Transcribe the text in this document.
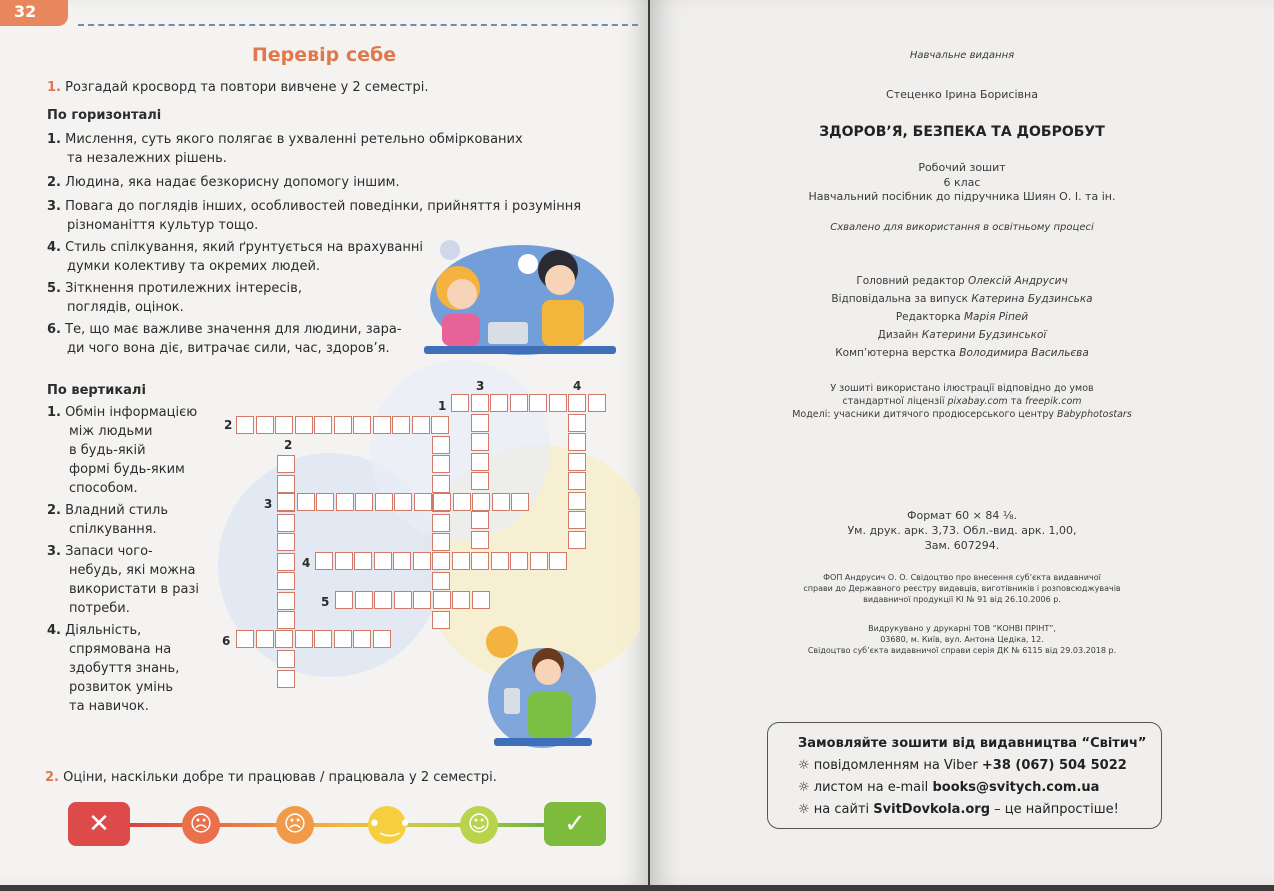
32
Перевір себе
1. Розгадай кросворд та повтори вивчене у 2 семестрі.
По горизонталі
1. Мислення, суть якого полягає в ухваленні ретельно обміркованих
та незалежних рішень.
2. Людина, яка надає безкорисну допомогу іншим.
3. Повага до поглядів інших, особливостей поведінки, прийняття і розуміння
різноманіття культур тощо.
4. Стиль спілкування, який ґрунтується на врахуванні
думки колективу та окремих людей.
5. Зіткнення протилежних інтересів,
поглядів, оцінок.
6. Те, що має важливе значення для людини, зара-
ди чого вона діє, витрачає сили, час, здоров’я.
По вертикалі
1. Обмін інформацією
між людьми
в будь-якій
формі будь-яким
способом.
2. Владний стиль
спілкування.
3. Запаси чого-
небудь, які можна
використати в разі
потреби.
4. Діяльність,
спрямована на
здобуття знань,
розвиток умінь
та навичок.
1
2
2
3
3
4
4
5
6
2. Оціни, наскільки добре ти працював / працювала у 2 семестрі.
✕	☹	☹	•‿•	☺	✓
Навчальне видання
Стеценко Ірина Борисівна
ЗДОРОВ’Я, БЕЗПЕКА ТА ДОБРОБУТ
Робочий зошит
6 клас
Навчальний посібник до підручника Шиян О. І. та ін.
Схвалено для використання в освітньому процесі
Головний редактор Олексій Андрусич
Відповідальна за випуск Катерина Будзинська
Редакторка Марія Ріпей
Дизайн Катерини Будзинської
Комп’ютерна верстка Володимира Васильєва
У зошиті використано ілюстрації відповідно до умов
стандартної ліцензії pixabay.com та freepik.com
Моделі: учасники дитячого продюсерського центру Babyphotostars
Формат 60 × 84 ⅛.
Ум. друк. арк. 3,73. Обл.-вид. арк. 1,00,
Зам. 607294.
ФОП Андрусич О. О. Свідоцтво про внесення суб’єкта видавничої
справи до Державного реєстру видавців, виготівників і розповсюджувачів
видавничої продукції КІ № 91 від 26.10.2006 р.
Видрукувано у друкарні ТОВ “КОНВІ ПРІНТ”,
03680, м. Київ, вул. Антона Цедіка, 12.
Свідоцтво суб’єкта видавничої справи серія ДК № 6115 від 29.03.2018 р.
Замовляйте зошити від видавництва “Світич”
☼ повідомленням на Viber +38 (067) 504 5022
☼ листом на e-mail books@svitych.com.ua
☼ на сайті SvitDovkola.org – це найпростіше!
